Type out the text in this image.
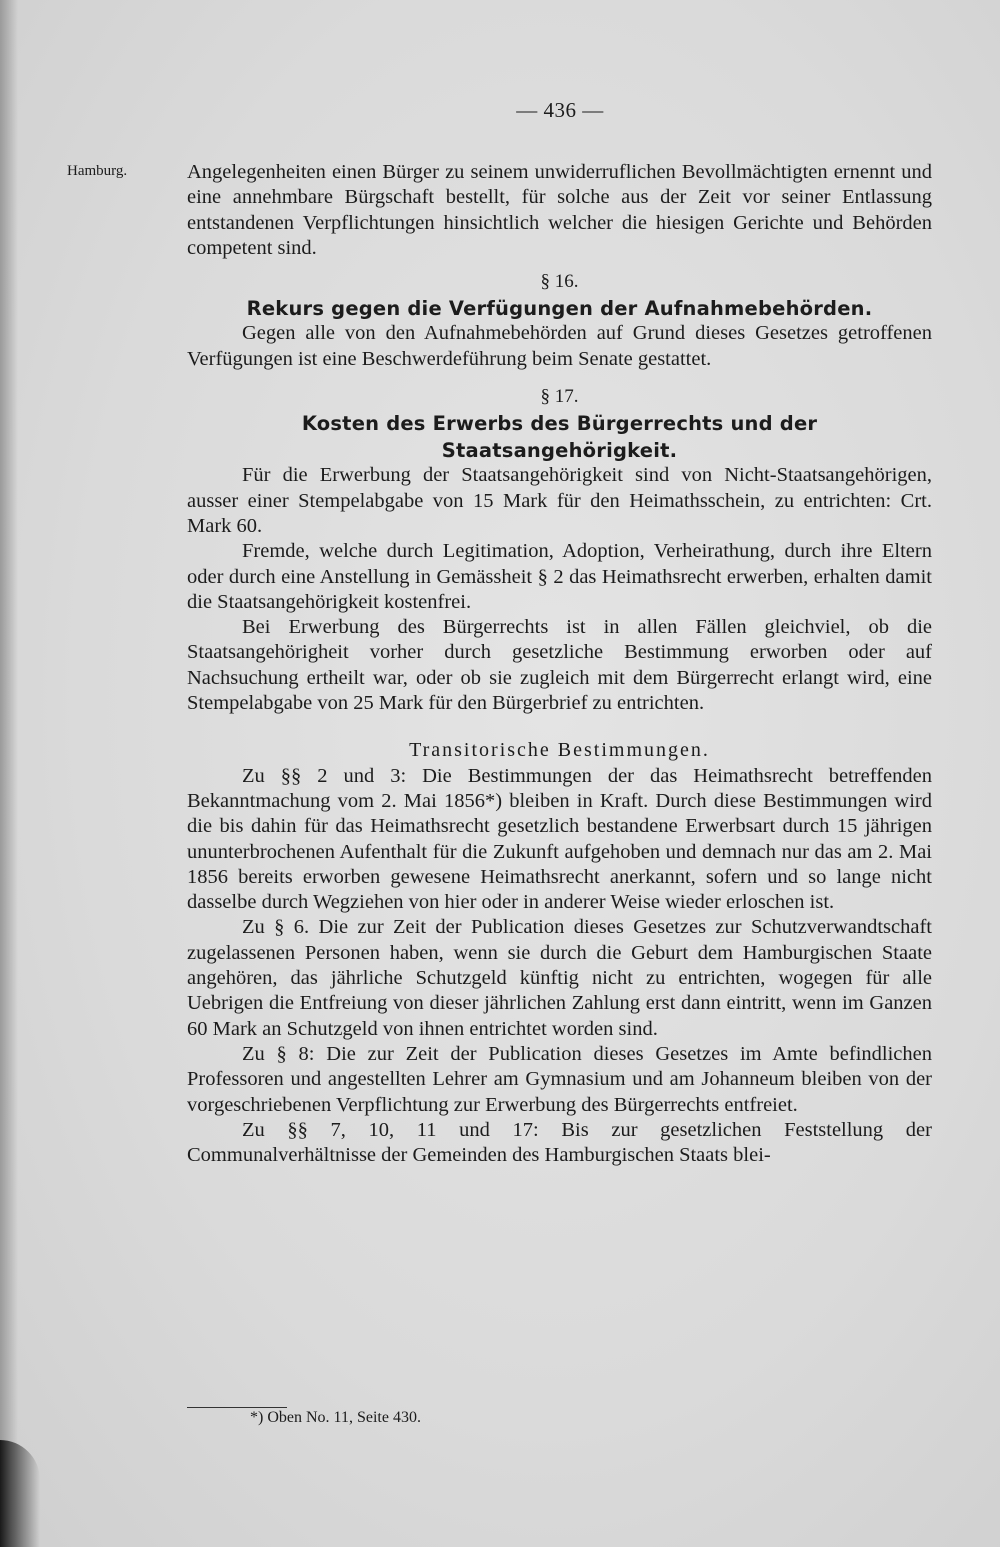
— 436 —
Hamburg.	Angelegenheiten einen Bürger zu seinem unwiderruflichen Bevollmächtigten ernennt und eine annehmbare Bürgschaft bestellt, für solche aus der Zeit vor seiner Entlassung entstandenen Verpflichtungen hinsichtlich welcher die hiesigen Gerichte und Behörden competent sind.

§ 16.
Rekurs gegen die Verfügungen der Aufnahmebehörden.

Gegen alle von den Aufnahmebehörden auf Grund dieses Gesetzes getroffenen Verfügungen ist eine Beschwerdeführung beim Senate gestattet.

§ 17.
Kosten des Erwerbs des Bürgerrechts und der
Staatsangehörigkeit.

Für die Erwerbung der Staatsangehörigkeit sind von Nicht-Staatsangehörigen, ausser einer Stempelabgabe von 15 Mark für den Heimathsschein, zu entrichten: Crt. Mark 60.

Fremde, welche durch Legitimation, Adoption, Verheirathung, durch ihre Eltern oder durch eine Anstellung in Gemässheit § 2 das Heimathsrecht erwerben, erhalten damit die Staatsangehörigkeit kostenfrei.

Bei Erwerbung des Bürgerrechts ist in allen Fällen gleichviel, ob die Staatsangehörigheit vorher durch gesetzliche Bestimmung erworben oder auf Nachsuchung ertheilt war, oder ob sie zugleich mit dem Bürgerrecht erlangt wird, eine Stempelabgabe von 25 Mark für den Bürgerbrief zu entrichten.

Transitorische Bestimmungen.

Zu §§ 2 und 3: Die Bestimmungen der das Heimathsrecht betreffenden Bekanntmachung vom 2. Mai 1856*) bleiben in Kraft. Durch diese Bestimmungen wird die bis dahin für das Heimathsrecht gesetzlich bestandene Erwerbsart durch 15 jährigen ununterbrochenen Aufenthalt für die Zukunft aufgehoben und demnach nur das am 2. Mai 1856 bereits erworben gewesene Heimathsrecht anerkannt, sofern und so lange nicht dasselbe durch Wegziehen von hier oder in anderer Weise wieder erloschen ist.

Zu § 6. Die zur Zeit der Publication dieses Gesetzes zur Schutzverwandtschaft zugelassenen Personen haben, wenn sie durch die Geburt dem Hamburgischen Staate angehören, das jährliche Schutzgeld künftig nicht zu entrichten, wogegen für alle Uebrigen die Entfreiung von dieser jährlichen Zahlung erst dann eintritt, wenn im Ganzen 60 Mark an Schutzgeld von ihnen entrichtet worden sind.

Zu § 8: Die zur Zeit der Publication dieses Gesetzes im Amte befindlichen Professoren und angestellten Lehrer am Gymnasium und am Johanneum bleiben von der vorgeschriebenen Verpflichtung zur Erwerbung des Bürgerrechts entfreiet.

Zu §§ 7, 10, 11 und 17: Bis zur gesetzlichen Feststellung der Communalverhältnisse der Gemeinden des Hamburgischen Staats blei-

*) Oben No. 11, Seite 430.
